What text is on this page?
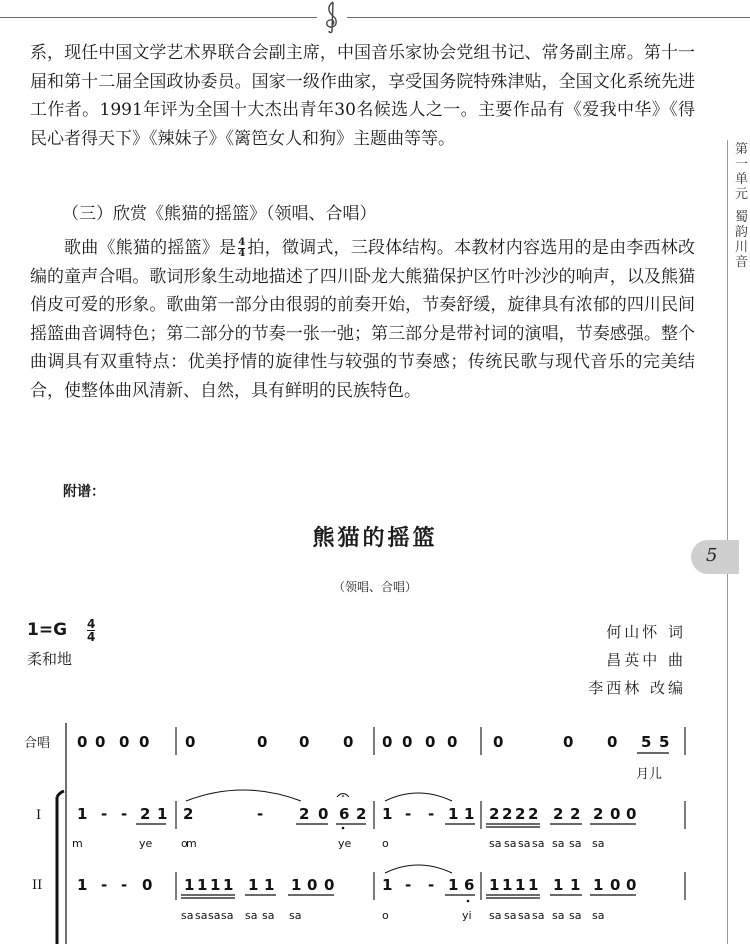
第一单元
蜀韵川音
5

系，现任中国文学艺术界联合会副主席，中国音乐家协会党组书记、常务副主席。第十一届和第十二届全国政协委员。国家一级作曲家，享受国务院特殊津贴，全国文化系统先进工作者。1991年评为全国十大杰出青年30名候选人之一。主要作品有《爱我中华》《得民心者得天下》《辣妹子》《篱笆女人和狗》主题曲等等。

（三）欣赏《熊猫的摇篮》（领唱、合唱）

歌曲《熊猫的摇篮》是 $\frac{4}{4}$ 拍，徵调式，三段体结构。本教材内容选用的是由李西林改编的童声合唱。歌词形象生动地描述了四川卧龙大熊猫保护区竹叶沙沙的响声，以及熊猫俏皮可爱的形象。歌曲第一部分由很弱的前奏开始，节奏舒缓，旋律具有浓郁的四川民间摇篮曲音调特色；第二部分的节奏一张一弛；第三部分是带衬词的演唱，节奏感强。整个曲调具有双重特点：优美抒情的旋律性与较强的节奏感；传统民歌与现代音乐的完美结合，使整体曲风清新、自然，具有鲜明的民族特色。

附谱：

熊猫的摇篮

（领唱、合唱）

1=G 4
4
柔和地
何山怀 词
昌英中 曲
李西林 改编
合唱
I
II
0 0 0 0 0	0 0 0 0 0 0 0 0	0 0 5 5
1 - - 2 1 2	- 2 0 6 2 1 - - 1 1 2 2 2 2 2 2 2 0 0
1 - - 0 1 1 1 1 1 1 1 0 0	1 - - 1 6 1 1 1 1 1 1 1 0 0
月儿
m	ye	o
m	ye	o	sa sa sa sa sa sa sa
sa sa sa sa sa sa sa	o	yi sa sa sa sa sa sa sa
